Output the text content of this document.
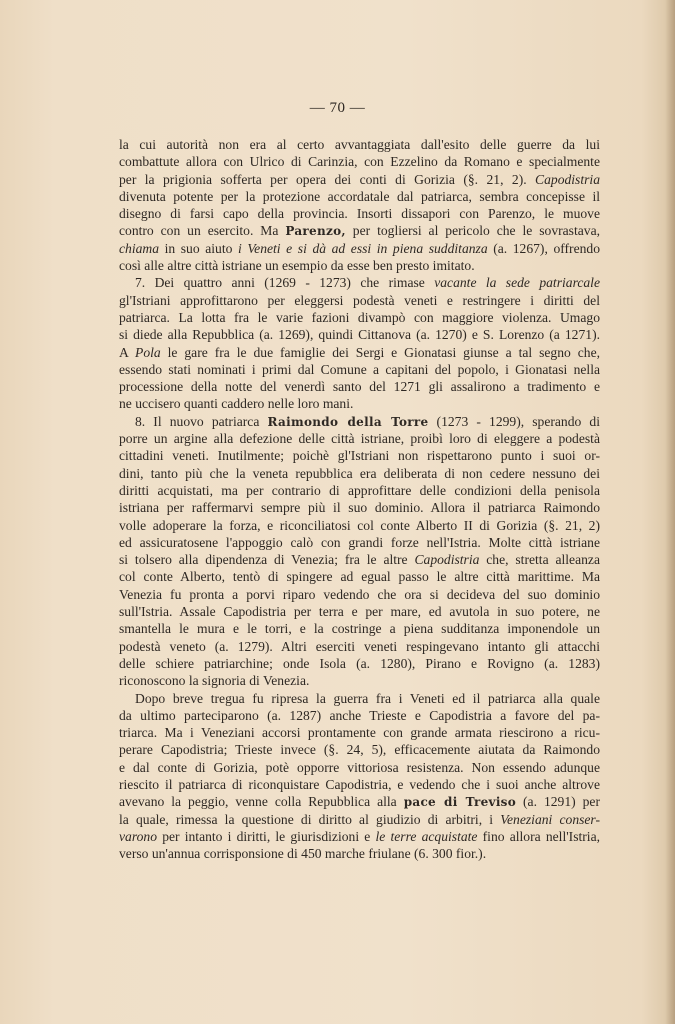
— 70 —
la cui autorità non era al certo avvantaggiata dall'esito delle guerre da lui
combattute allora con Ulrico di Carinzia, con Ezzelino da Romano e specialmente
per la prigionia sofferta per opera dei conti di Gorizia (§. 21, 2). Capodistria
divenuta potente per la protezione accordatale dal patriarca, sembra concepisse il
disegno di farsi capo della provincia. Insorti dissapori con Parenzo, le muove
contro con un esercito. Ma Parenzo, per togliersi al pericolo che le sovrastava,
chiama in suo aiuto i Veneti e si dà ad essi in piena sudditanza (a. 1267), offrendo
così alle altre città istriane un esempio da esse ben presto imitato.
7. Dei quattro anni (1269 - 1273) che rimase vacante la sede patriarcale
gl'Istriani approfittarono per eleggersi podestà veneti e restringere i diritti del
patriarca. La lotta fra le varie fazioni divampò con maggiore violenza. Umago
si diede alla Repubblica (a. 1269), quindi Cittanova (a. 1270) e S. Lorenzo (a 1271).
A Pola le gare fra le due famiglie dei Sergi e Gionatasi giunse a tal segno che,
essendo stati nominati i primi dal Comune a capitani del popolo, i Gionatasi nella
processione della notte del venerdì santo del 1271 gli assalirono a tradimento e
ne uccisero quanti caddero nelle loro mani.
8. Il nuovo patriarca Raimondo della Torre (1273 - 1299), sperando di
porre un argine alla defezione delle città istriane, proibì loro di eleggere a podestà
cittadini veneti. Inutilmente; poichè gl'Istriani non rispettarono punto i suoi or-
dini, tanto più che la veneta repubblica era deliberata di non cedere nessuno dei
diritti acquistati, ma per contrario di approfittare delle condizioni della penisola
istriana per raffermarvi sempre più il suo dominio. Allora il patriarca Raimondo
volle adoperare la forza, e riconciliatosi col conte Alberto II di Gorizia (§. 21, 2)
ed assicuratosene l'appoggio calò con grandi forze nell'Istria. Molte città istriane
si tolsero alla dipendenza di Venezia; fra le altre Capodistria che, stretta alleanza
col conte Alberto, tentò di spingere ad egual passo le altre città marittime. Ma
Venezia fu pronta a porvi riparo vedendo che ora si decideva del suo dominio
sull'Istria. Assale Capodistria per terra e per mare, ed avutola in suo potere, ne
smantella le mura e le torri, e la costringe a piena sudditanza imponendole un
podestà veneto (a. 1279). Altri eserciti veneti respingevano intanto gli attacchi
delle schiere patriarchine; onde Isola (a. 1280), Pirano e Rovigno (a. 1283)
riconoscono la signoria di Venezia.
Dopo breve tregua fu ripresa la guerra fra i Veneti ed il patriarca alla quale
da ultimo parteciparono (a. 1287) anche Trieste e Capodistria a favore del pa-
triarca. Ma i Veneziani accorsi prontamente con grande armata riescirono a ricu-
perare Capodistria; Trieste invece (§. 24, 5), efficacemente aiutata da Raimondo
e dal conte di Gorizia, potè opporre vittoriosa resistenza. Non essendo adunque
riescito il patriarca di riconquistare Capodistria, e vedendo che i suoi anche altrove
avevano la peggio, venne colla Repubblica alla pace di Treviso (a. 1291) per
la quale, rimessa la questione di diritto al giudizio di arbitri, i Veneziani conser-
varono per intanto i diritti, le giurisdizioni e le terre acquistate fino allora nell'Istria,
verso un'annua corrisponsione di 450 marche friulane (6. 300 fior.).
